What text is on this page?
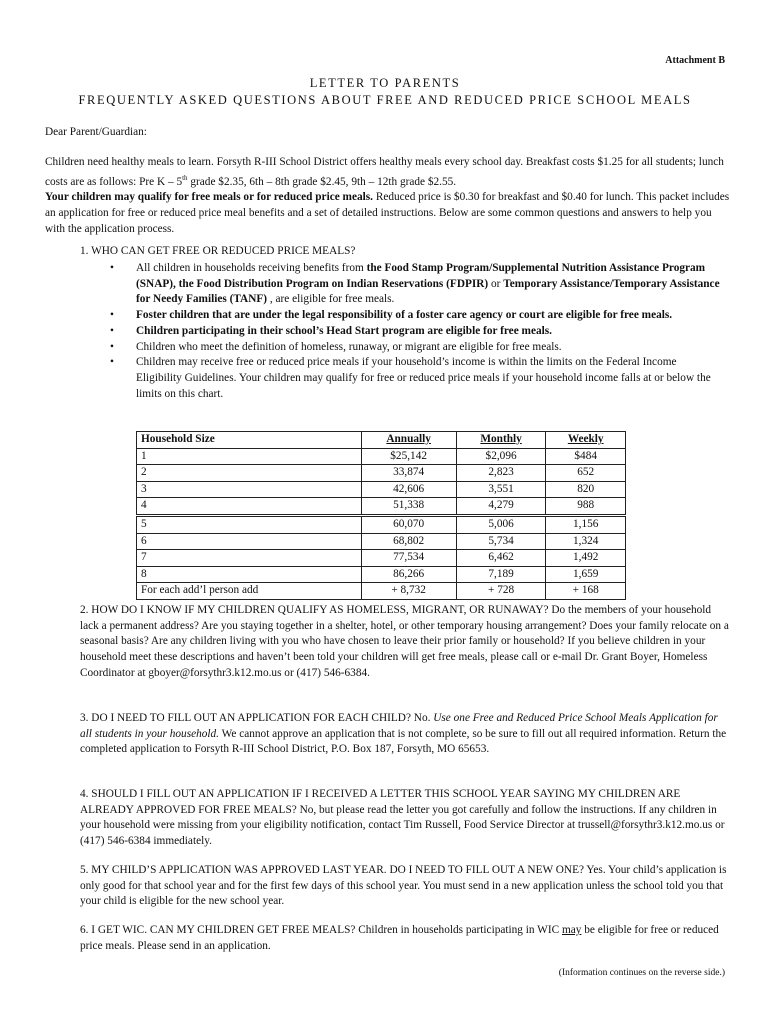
Attachment B
LETTER TO PARENTS
FREQUENTLY ASKED QUESTIONS ABOUT FREE AND REDUCED PRICE SCHOOL MEALS
Dear Parent/Guardian:
Children need healthy meals to learn. Forsyth R-III School District offers healthy meals every school day. Breakfast costs $1.25 for all students; lunch costs are as follows: Pre K – 5th grade $2.35, 6th – 8th grade $2.45, 9th – 12th grade $2.55.
Your children may qualify for free meals or for reduced price meals. Reduced price is $0.30 for breakfast and $0.40 for lunch. This packet includes an application for free or reduced price meal benefits and a set of detailed instructions. Below are some common questions and answers to help you with the application process.
1. WHO CAN GET FREE OR REDUCED PRICE MEALS?
• All children in households receiving benefits from the Food Stamp Program/Supplemental Nutrition Assistance Program (SNAP), the Food Distribution Program on Indian Reservations (FDPIR) or Temporary Assistance/Temporary Assistance for Needy Families (TANF) , are eligible for free meals.
• Foster children that are under the legal responsibility of a foster care agency or court are eligible for free meals.
• Children participating in their school’s Head Start program are eligible for free meals.
• Children who meet the definition of homeless, runaway, or migrant are eligible for free meals.
• Children may receive free or reduced price meals if your household’s income is within the limits on the Federal Income Eligibility Guidelines. Your children may qualify for free or reduced price meals if your household income falls at or below the limits on this chart.
Household Size	Annually	Monthly	Weekly
1	$25,142	$2,096	$484
2	33,874	2,823	652
3	42,606	3,551	820
4	51,338	4,279	988
5	60,070	5,006	1,156
6	68,802	5,734	1,324
7	77,534	6,462	1,492
8	86,266	7,189	1,659
For each add’l person add	+ 8,732	+ 728	+ 168
2. HOW DO I KNOW IF MY CHILDREN QUALIFY AS HOMELESS, MIGRANT, OR RUNAWAY? Do the members of your household lack a permanent address? Are you staying together in a shelter, hotel, or other temporary housing arrangement? Does your family relocate on a seasonal basis? Are any children living with you who have chosen to leave their prior family or household? If you believe children in your household meet these descriptions and haven’t been told your children will get free meals, please call or e-mail Dr. Grant Boyer, Homeless Coordinator at gboyer@forsythr3.k12.mo.us or (417) 546-6384.
3. DO I NEED TO FILL OUT AN APPLICATION FOR EACH CHILD? No. Use one Free and Reduced Price School Meals Application for all students in your household. We cannot approve an application that is not complete, so be sure to fill out all required information. Return the completed application to Forsyth R-III School District, P.O. Box 187, Forsyth, MO 65653.
4. SHOULD I FILL OUT AN APPLICATION IF I RECEIVED A LETTER THIS SCHOOL YEAR SAYING MY CHILDREN ARE ALREADY APPROVED FOR FREE MEALS? No, but please read the letter you got carefully and follow the instructions. If any children in your household were missing from your eligibility notification, contact Tim Russell, Food Service Director at trussell@forsythr3.k12.mo.us or (417) 546-6384 immediately.
5. MY CHILD’S APPLICATION WAS APPROVED LAST YEAR. DO I NEED TO FILL OUT A NEW ONE? Yes. Your child’s application is only good for that school year and for the first few days of this school year. You must send in a new application unless the school told you that your child is eligible for the new school year.
6. I GET WIC. CAN MY CHILDREN GET FREE MEALS? Children in households participating in WIC may be eligible for free or reduced price meals. Please send in an application.
(Information continues on the reverse side.)
